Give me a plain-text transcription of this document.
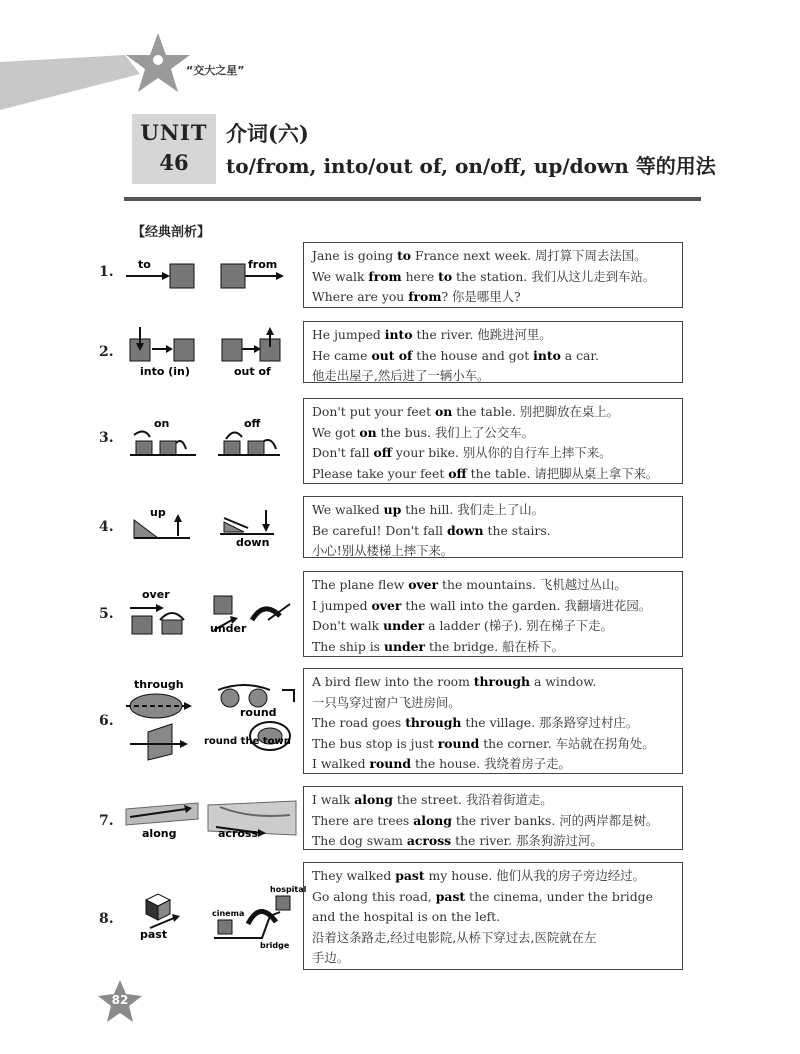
“交大之星”
UNIT
46
介词(六)
to/from, into/out of, on/off, up/down 等的用法
【经典剖析】
1. to	from
Jane is going to France next week. 周打算下周去法国。
We walk from here to the station. 我们从这儿走到车站。
Where are you from? 你是哪里人?
2.
into (in)	out of
He jumped into the river. 他跳进河里。
He came out of the house and got into a car.
他走出屋子,然后进了一辆小车。
3.
on	off
Don't put your feet on the table. 别把脚放在桌上。
We got on the bus. 我们上了公交车。
Don't fall off your bike. 别从你的自行车上摔下来。
Please take your feet off the table. 请把脚从桌上拿下来。
4.
up
down
We walked up the hill. 我们走上了山。
Be careful! Don't fall down the stairs.
小心!别从楼梯上摔下来。
5.
over
under
The plane flew over the mountains. 飞机越过丛山。
I jumped over the wall into the garden. 我翻墙进花园。
Don't walk under a ladder (梯子). 别在梯子下走。
The ship is under the bridge. 船在桥下。
6.
through
round
round the town
A bird flew into the room through a window.
一只鸟穿过窗户飞进房间。
The road goes through the village. 那条路穿过村庄。
The bus stop is just round the corner. 车站就在拐角处。
I walked round the house. 我绕着房子走。
7.
along	across
I walk along the street. 我沿着街道走。
There are trees along the river banks. 河的两岸都是树。
The dog swam across the river. 那条狗游过河。
8.
past
hospital
cinema
bridge
They walked past my house. 他们从我的房子旁边经过。
Go along this road, past the cinema, under the bridge
and the hospital is on the left.
沿着这条路走,经过电影院,从桥下穿过去,医院就在左
手边。
82
